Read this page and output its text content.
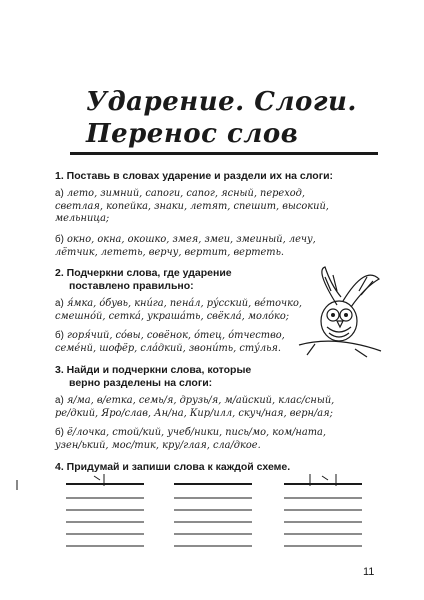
Ударение. Слоги.
Перенос слов
1. Поставь в словах ударение и раздели их на слоги:
а) лето, зимний, сапоги, сапог, ясный, переход,
светлая, копейка, знаки, летят, спешит, высокий,
мельница;
б) окно, окна, окошко, змея, змеи, змеиный, лечу,
лётчик, лететь, верчу, вертит, вертеть.
2. Подчеркни слова, где ударение
поставлено правильно:
а) я́мка, о́бувь, кни́га, пена́л, ру́сский, ве́точко,
смешно́й, сетка́, украша́ть, свёкла́, моло́ко;
б) горя́чий, со́вы, совёнок, о́тец, о́тчество,
семе́нй, шофёр, сла́дкий, звони́ть, сту́лья.
3. Найди и подчеркни слова, которые
верно разделены на слоги:
а) я/ма, в/етка, семь/я, друзь/я, м/айский, клас/сный,
ре/дкий, Яро/слав, Ан/на, Кир/илл, скуч/ная, верн/ая;
б) ё/лочка, стой/кий, учеб/ники, пись/мо, ком/ната,
узен/ький, мос/тик, кру/глая, сла/дкое.
4. Придумай и запиши слова к каждой схеме.
11
